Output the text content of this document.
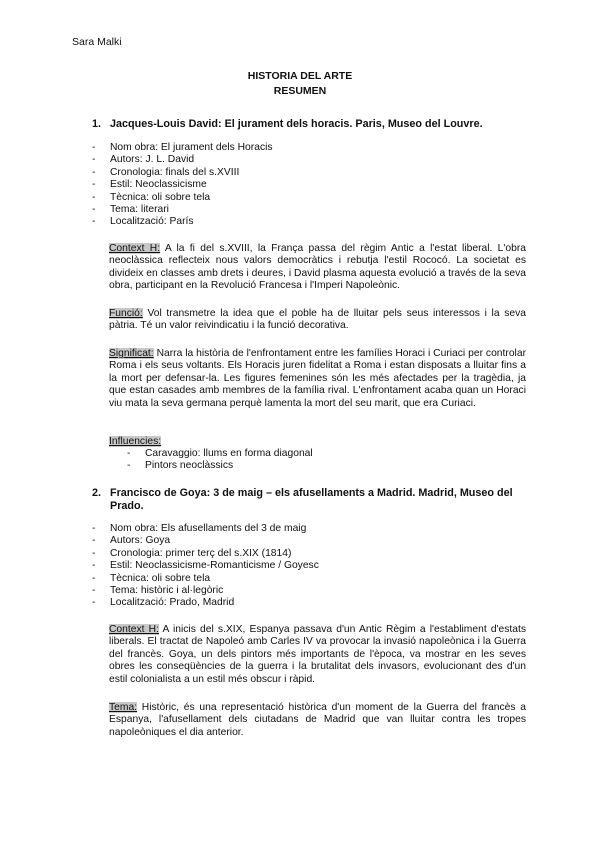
Sara Malki
HISTORIA DEL ARTE
RESUMEN
1. Jacques-Louis David: El jurament dels horacis. Paris, Museo del Louvre.
- Nom obra: El jurament dels Horacis
- Autors: J. L. David
- Cronologia: finals del s.XVIII
- Estil: Neoclassicisme
- Tècnica: oli sobre tela
- Tema: literari
- Localització: París
Context H: A la fi del s.XVIII, la França passa del règim Antic a l'estat liberal. L'obra neoclàssica reflecteix nous valors democràtics i rebutja l'estil Rococó. La societat es divideix en classes amb drets i deures, i David plasma aquesta evolució a través de la seva obra, participant en la Revolució Francesa i l'Imperi Napoleònic.
Funció: Vol transmetre la idea que el poble ha de lluitar pels seus interessos i la seva pàtria. Té un valor reivindicatiu i la funció decorativa.
Significat: Narra la història de l'enfrontament entre les famílies Horaci i Curiaci per controlar Roma i els seus voltants. Els Horacis juren fidelitat a Roma i estan disposats a lluitar fins a la mort per defensar-la. Les figures femenines són les més afectades per la tragèdia, ja que estan casades amb membres de la família rival. L'enfrontament acaba quan un Horaci viu mata la seva germana perquè lamenta la mort del seu marit, que era Curiaci.
Influencies:
- Caravaggio: llums en forma diagonal
- Pintors neoclàssics
2. Francisco de Goya: 3 de maig – els afusellaments a Madrid. Madrid, Museo del Prado.
- Nom obra: Els afusellaments del 3 de maig
- Autors: Goya
- Cronologia: primer terç del s.XIX (1814)
- Estil: Neoclassicisme-Romanticisme / Goyesc
- Tècnica: oli sobre tela
- Tema: històric i al·legòric
- Localització: Prado, Madrid
Context H: A inicis del s.XIX, Espanya passava d'un Antic Règim a l'establiment d'estats liberals. El tractat de Napoleó amb Carles IV va provocar la invasió napoleònica i la Guerra del francès. Goya, un dels pintors més importants de l'època, va mostrar en les seves obres les conseqüències de la guerra i la brutalitat dels invasors, evolucionant des d'un estil colonialista a un estil més obscur i ràpid.
Tema: Històric, és una representació històrica d'un moment de la Guerra del francès a Espanya, l'afusellament dels ciutadans de Madrid que van lluitar contra les tropes napoleòniques el dia anterior.
